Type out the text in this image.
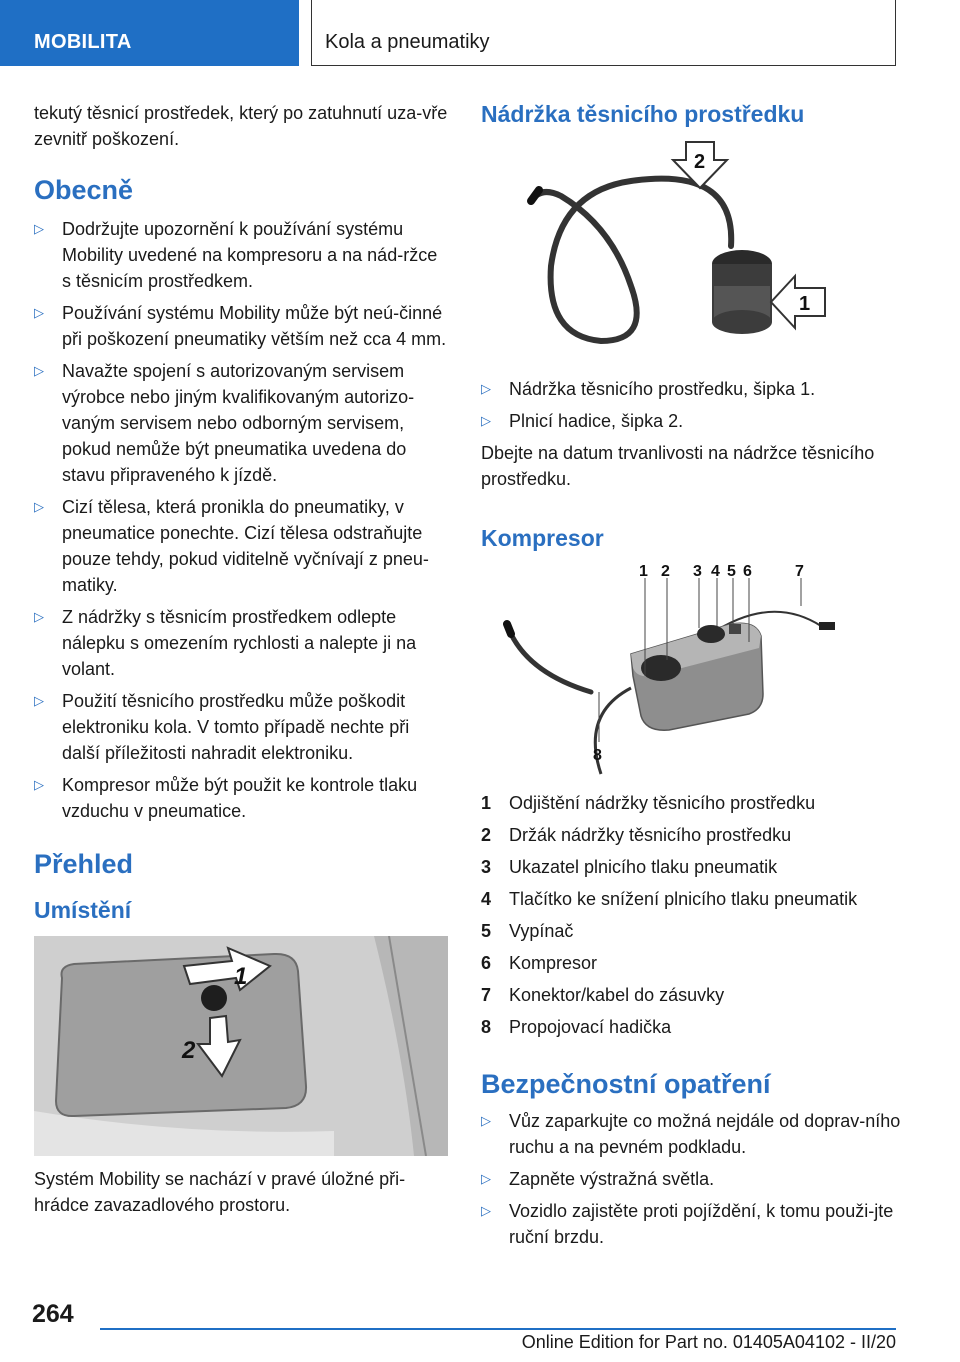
MOBILITA	Kola a pneumatiky

tekutý těsnicí prostředek, který po zatuhnutí uza-vře zevnitř poškození.

Obecně
▷ Dodržujte upozornění k používání systému Mobility uvedené na kompresoru a na nád-ržce s těsnicím prostředkem.
▷ Používání systému Mobility může být neú-činné při poškození pneumatiky větším než cca 4 mm.
▷ Navažte spojení s autorizovaným servisem výrobce nebo jiným kvalifikovaným autorizo-vaným servisem nebo odborným servisem, pokud nemůže být pneumatika uvedena do stavu připraveného k jízdě.
▷ Cizí tělesa, která pronikla do pneumatiky, v pneumatice ponechte. Cizí tělesa odstraňujte pouze tehdy, pokud viditelně vyčnívají z pneu-matiky.
▷ Z nádržky s těsnicím prostředkem odlepte nálepku s omezením rychlosti a nalepte ji na volant.
▷ Použití těsnicího prostředku může poškodit elektroniku kola. V tomto případě nechte při další příležitosti nahradit elektroniku.
▷ Kompresor může být použit ke kontrole tlaku vzduchu v pneumatice.
Přehled
Umístění
1
2

Systém Mobility se nachází v pravé úložné při-hrádce zavazadlového prostoru.

Nádržka těsnicího prostředku
2
1
▷ Nádržka těsnicího prostředku, šipka 1.
▷ Plnicí hadice, šipka 2.

Dbejte na datum trvanlivosti na nádržce těsnicího prostředku.

Kompresor
1 2 3 4 5 6	7
8
1 Odjištění nádržky těsnicího prostředku
2 Držák nádržky těsnicího prostředku
3 Ukazatel plnicího tlaku pneumatik
4 Tlačítko ke snížení plnicího tlaku pneumatik
5 Vypínač
6 Kompresor
7 Konektor/kabel do zásuvky
8 Propojovací hadička
Bezpečnostní opatření
▷ Vůz zaparkujte co možná nejdále od doprav-ního ruchu a na pevném podkladu.
▷ Zapněte výstražná světla.
▷ Vozidlo zajistěte proti pojíždění, k tomu použi-jte ruční brzdu.
264
Online Edition for Part no. 01405A04102 - II/20
